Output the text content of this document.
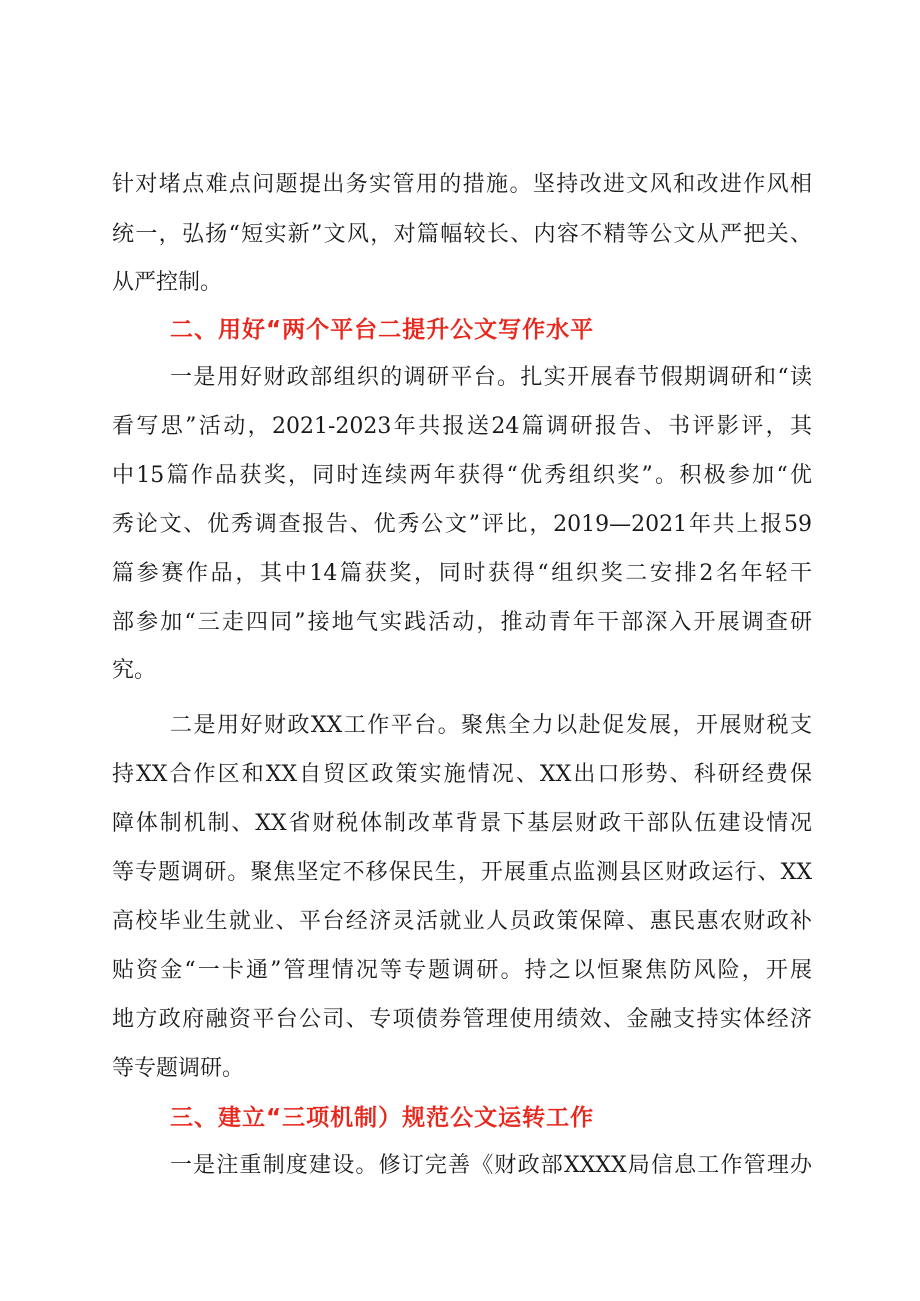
针对堵点难点问题提出务实管用的措施。坚持改进文风和改进作风相
统一，弘扬“短实新”文风，对篇幅较长、内容不精等公文从严把关、
从严控制。
二、用好“两个平台二提升公文写作水平
一是用好财政部组织的调研平台。扎实开展春节假期调研和“读
看写思”活动，2021-2023年共报送24篇调研报告、书评影评，其
中15篇作品获奖，同时连续两年获得“优秀组织奖”。积极参加“优
秀论文、优秀调查报告、优秀公文”评比，2019—2021年共上报59
篇参赛作品，其中14篇获奖，同时获得“组织奖二安排2名年轻干
部参加“三走四同”接地气实践活动，推动青年干部深入开展调查研
究。
二是用好财政XX工作平台。聚焦全力以赴促发展，开展财税支
持XX合作区和XX自贸区政策实施情况、XX出口形势、科研经费保
障体制机制、XX省财税体制改革背景下基层财政干部队伍建设情况
等专题调研。聚焦坚定不移保民生，开展重点监测县区财政运行、XX
高校毕业生就业、平台经济灵活就业人员政策保障、惠民惠农财政补
贴资金“一卡通”管理情况等专题调研。持之以恒聚焦防风险，开展
地方政府融资平台公司、专项债券管理使用绩效、金融支持实体经济
等专题调研。
三、建立“三项机制）规范公文运转工作
一是注重制度建设。修订完善《财政部XXXX局信息工作管理办
